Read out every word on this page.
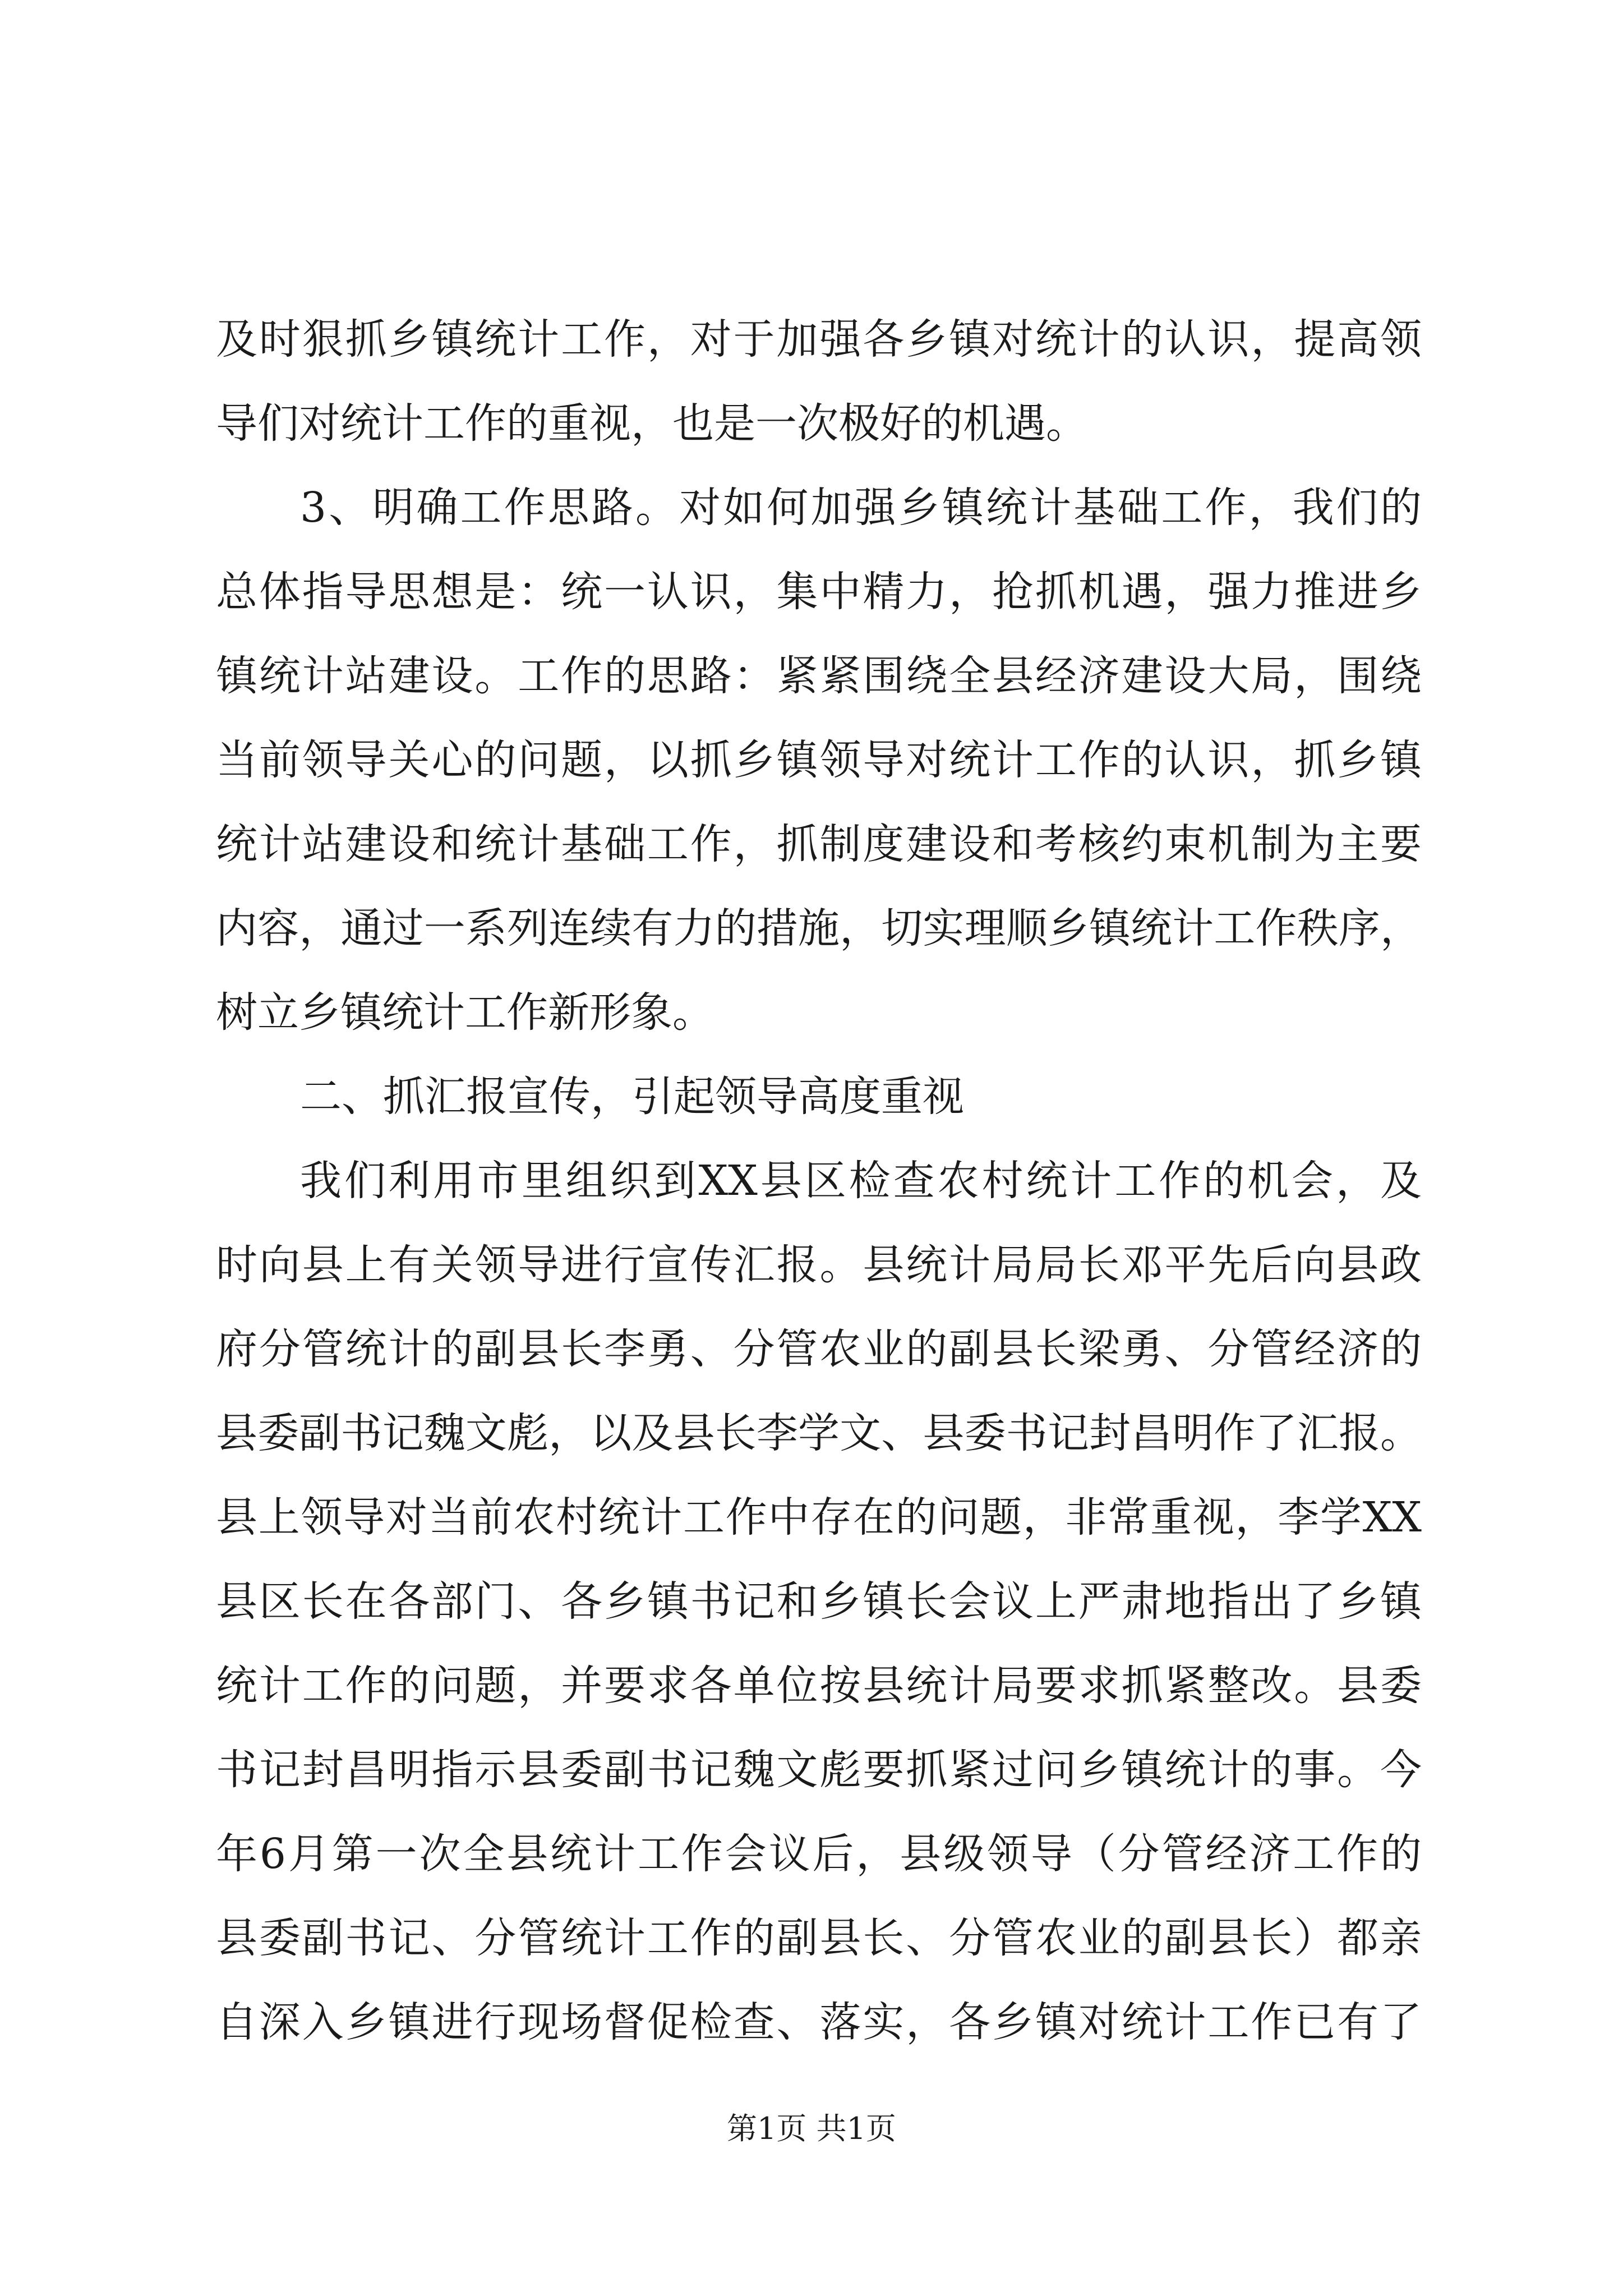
及时狠抓乡镇统计工作，对于加强各乡镇对统计的认识，提高领
导们对统计工作的重视，也是一次极好的机遇。
3、明确工作思路。对如何加强乡镇统计基础工作，我们的
总体指导思想是：统一认识，集中精力，抢抓机遇，强力推进乡
镇统计站建设。工作的思路：紧紧围绕全县经济建设大局，围绕
当前领导关心的问题，以抓乡镇领导对统计工作的认识，抓乡镇
统计站建设和统计基础工作，抓制度建设和考核约束机制为主要
内容，通过一系列连续有力的措施，切实理顺乡镇统计工作秩序，
树立乡镇统计工作新形象。
二、抓汇报宣传，引起领导高度重视
我们利用市里组织到XX县区检查农村统计工作的机会，及
时向县上有关领导进行宣传汇报。县统计局局长邓平先后向县政
府分管统计的副县长李勇、分管农业的副县长梁勇、分管经济的
县委副书记魏文彪，以及县长李学文、县委书记封昌明作了汇报。
县上领导对当前农村统计工作中存在的问题，非常重视，李学XX
县区长在各部门、各乡镇书记和乡镇长会议上严肃地指出了乡镇
统计工作的问题，并要求各单位按县统计局要求抓紧整改。县委
书记封昌明指示县委副书记魏文彪要抓紧过问乡镇统计的事。今
年6月第一次全县统计工作会议后，县级领导（分管经济工作的
县委副书记、分管统计工作的副县长、分管农业的副县长）都亲
自深入乡镇进行现场督促检查、落实，各乡镇对统计工作已有了
第1页 共1页
